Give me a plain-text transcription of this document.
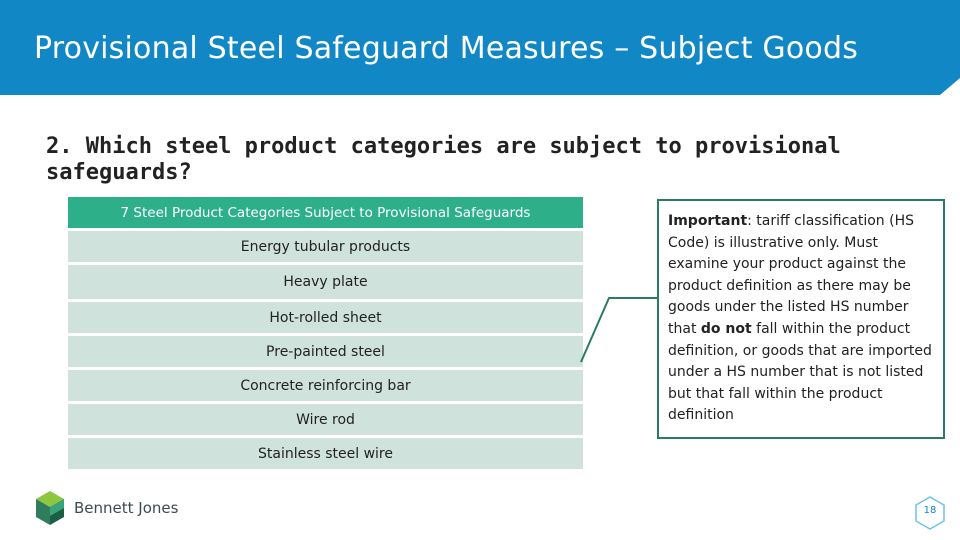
Provisional Steel Safeguard Measures – Subject Goods
2. Which steel product categories are subject to provisional safeguards?
7 Steel Product Categories Subject to Provisional Safeguards
Energy tubular products
Heavy plate
Hot-rolled sheet
Pre-painted steel
Concrete reinforcing bar
Wire rod
Stainless steel wire
Important: tariff classification (HS Code) is illustrative only. Must examine your product against the product definition as there may be goods under the listed HS number that do not fall within the product definition, or goods that are imported under a HS number that is not listed but that fall within the product definition
Bennett Jones	18
